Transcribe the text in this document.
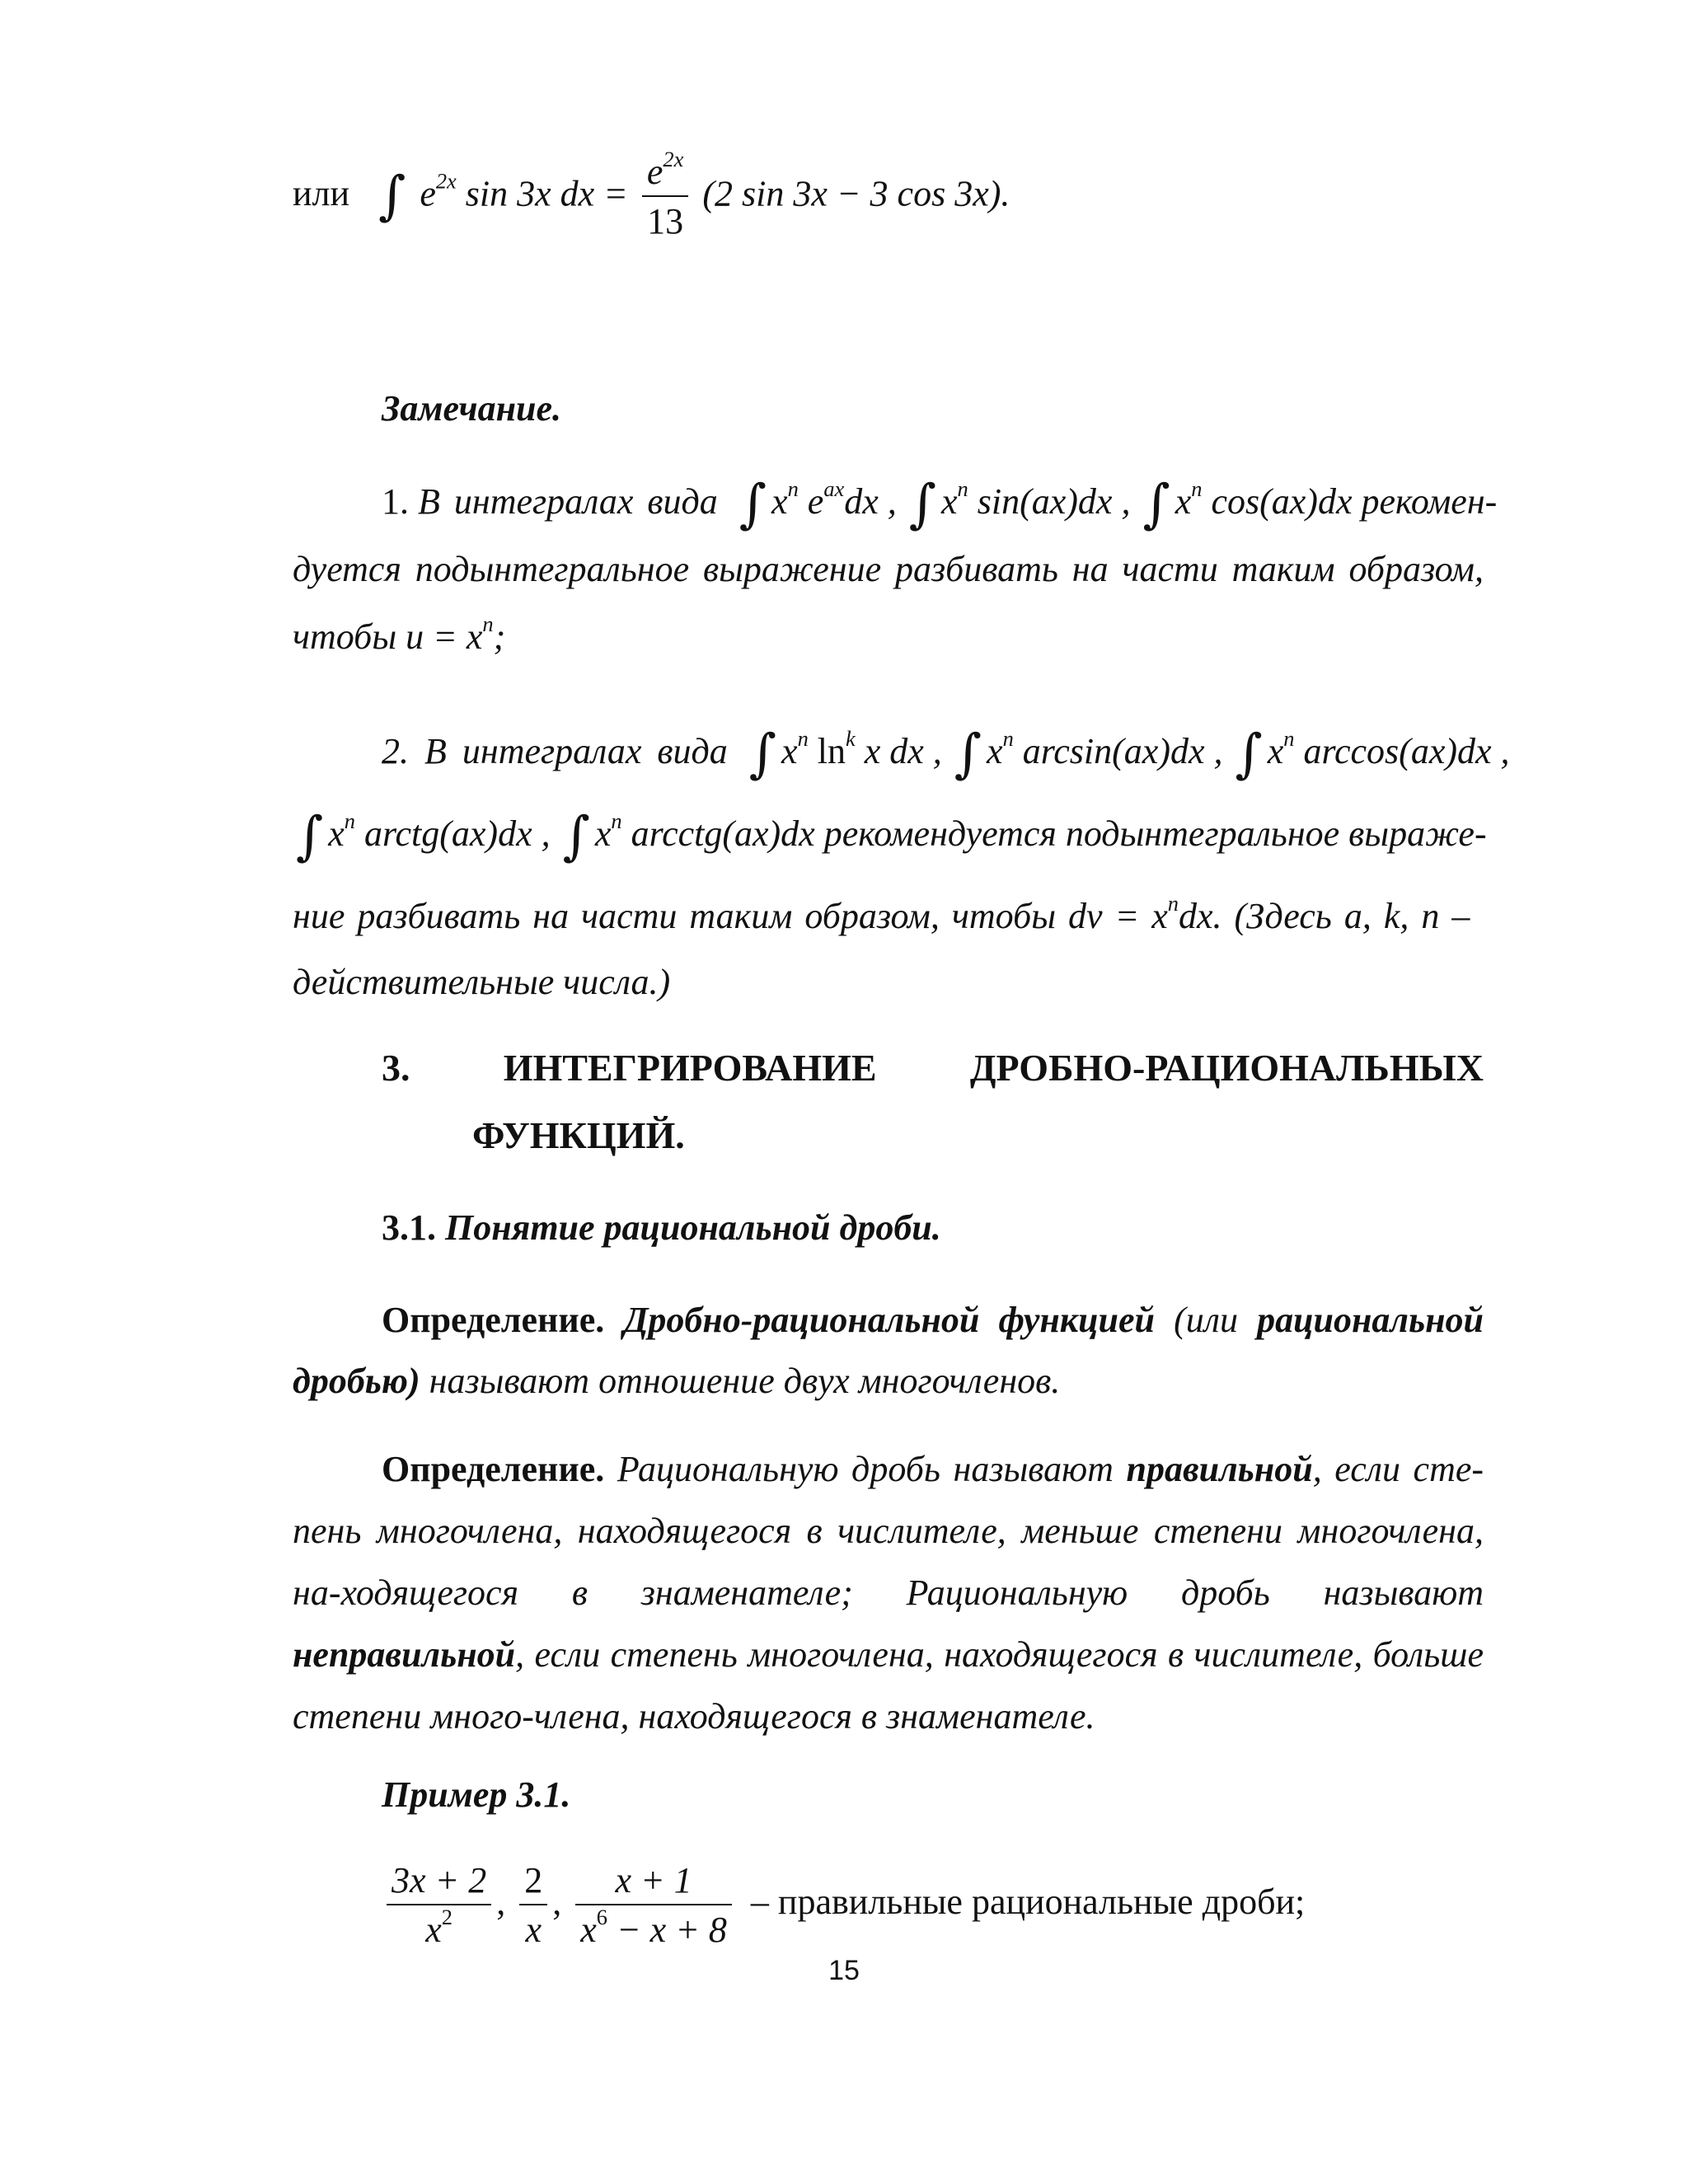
или ∫ $e^{2x}$ sin 3x dx = $\frac{e^{2x}}{13} (2$ sin 3x − 3 cos 3x).
Замечание.
1. В интегралах вида ∫ $x^n$ $e^{ax}dx$ , ∫ $x^n$ sin(ax)dx , ∫ $x^n$ cos(ax)dx рекомен-
дуется подынтегральное выражение разбивать на части таким образом,
чтобы $u = x^n$;
2. В интегралах вида ∫ $x^n$ $\ln^k x$ dx , ∫ $x^n$ arcsin(ax)dx , ∫ $x^n$ arccos(ax)dx ,
∫ $x^n$ arctg(ax)dx , ∫ $x^n$ arcctg(ax)dx рекомендуется подынтегральное выраже-
ние разбивать на части таким образом, чтобы dv = $x^ndx$. (Здесь a, k, n –
действительные числа.)
3. ИНТЕГРИРОВАНИЕ ДРОБНО-РАЦИОНАЛЬНЫХ
ФУНКЦИЙ.
3.1. Понятие рациональной дроби.
Определение. Дробно-рациональной функцией (или рациональной дробью) называют отношение двух многочленов.
Определение. Рациональную дробь называют правильной, если сте-пень многочлена, находящегося в числителе, меньше степени многочлена, на-ходящегося в знаменателе; Рациональную дробь называют неправильной, если степень многочлена, находящегося в числителе, больше степени много-члена, находящегося в знаменателе.
Пример 3.1.
$\frac{3x + 2}{x^2}$ , $\frac{2}{x}$ , $\frac{x + 1}{x^6 - x + 8}$ – правильные рациональные дроби;
15
